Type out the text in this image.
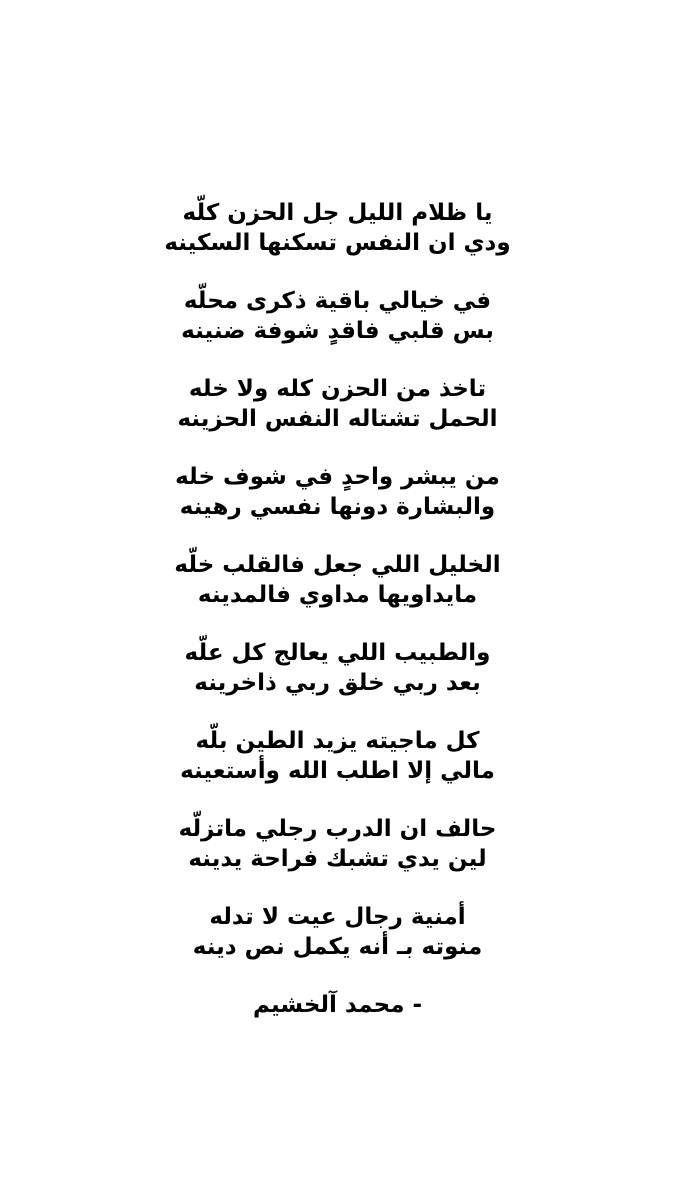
يا ظلام الليل جل الحزن كلّه
ودي ان النفس تسكنها السكينه
في خيالي باقية ذكرى محلّه
بس قلبي فاقدٍ شوفة ضنينه
تاخذ من الحزن كله ولا خله
الحمل تشتاله النفس الحزينه
من يبشر واحدٍ في شوف خله
والبشارة دونها نفسي رهينه
الخليل اللي جعل فالقلب خلّه
مايداويها مداوي فالمدينه
والطبيب اللي يعالج كل علّه
بعد ربي خلق ربي ذاخرينه
كل ماجيته يزيد الطين بلّه
مالي إلا اطلب الله وأستعينه
حالف ان الدرب رجلي ماتزلّه
لين يدي تشبك فراحة يدينه
أمنية رجال عيت لا تدله
منوته بـ أنه يكمل نص دينه
- محمد آلخشيم
